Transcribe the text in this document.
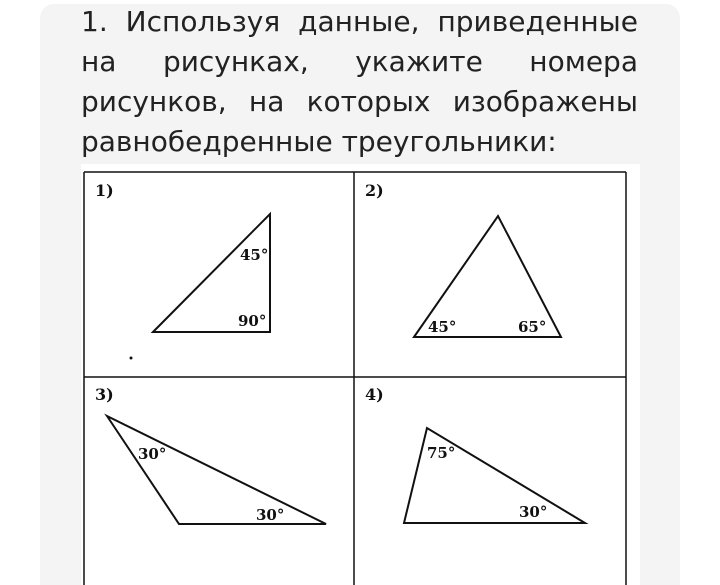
1. Используя данные, приведенные на рисунках, укажите номера рисунков, на которых изображены равнобедренные треугольники:
1)
45°
90°
2)
45°	65°
3)
30°
30°
4)
75°
30°
